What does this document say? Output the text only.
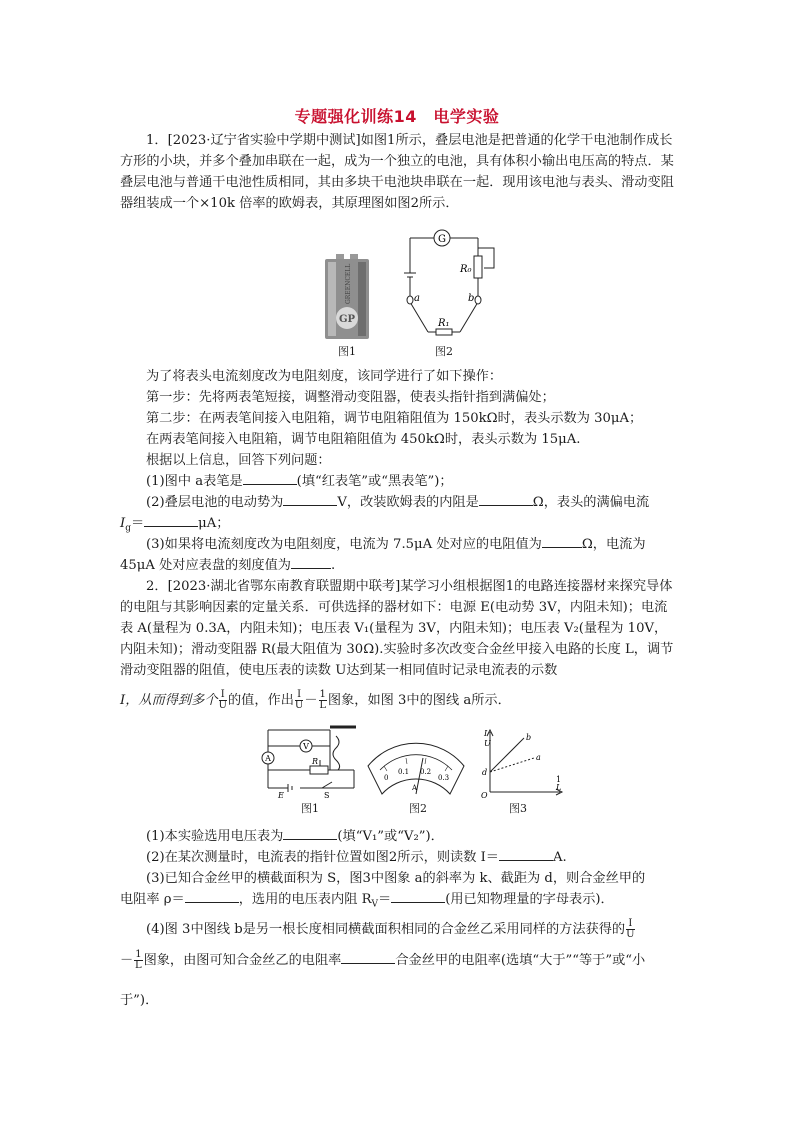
专题强化训练14　电学实验

1．[2023·辽宁省实验中学期中测试]如图1所示，叠层电池是把普通的化学干电池制作成长方形的小块，并多个叠加串联在一起，成为一个独立的电池，具有体积小输出电压高的特点．某叠层电池与普通干电池性质相同，其由多块干电池块串联在一起．现用该电池与表头、滑动变阻器组装成一个×10k 倍率的欧姆表，其原理图如图2所示．

GP
GREENCELL
图1
G
R₀
a	b
R₁
图2

为了将表头电流刻度改为电阻刻度，该同学进行了如下操作：

第一步：先将两表笔短接，调整滑动变阻器，使表头指针指到满偏处；

第二步：在两表笔间接入电阻箱，调节电阻箱阻值为 150kΩ时，表头示数为 30μA；

在两表笔间接入电阻箱，调节电阻箱阻值为 450kΩ时，表头示数为 15μA.

根据以上信息，回答下列问题：

(1)图中 a表笔是	(填“红表笔”或“黑表笔”)；

(2)叠层电池的电动势为	V，改装欧姆表的内阻是	Ω，表头的满偏电流

$I_g=$	μA；

(3)如果将电流刻度改为电阻刻度，电流为 7.5μA 处对应的电阻值为	Ω，电流为

45μA 处对应表盘的刻度值为	.

2．[2023·湖北省鄂东南教育联盟期中联考]某学习小组根据图1的电路连接器材来探究导体的电阻与其影响因素的定量关系．可供选择的器材如下：电源 E(电动势 3V，内阻未知)；电流表 A(量程为 0.3A，内阻未知)；电压表 V₁(量程为 3V，内阻未知)；电压表 V₂(量程为 10V，内阻未知)；滑动变阻器 R(最大阻值为 30Ω).实验时多次改变合金丝甲接入电路的长度 L，调节滑动变阻器的阻值，使电压表的读数 U达到某一相同值时记录电流表的示数

I，从而得到多个 $\frac{I}{U}$ 的值，作出 $\frac{I}{U} - \frac{1}{L}$ 图象，如图 3中的图线 a所示．

A
V
R
E	S
图1
0
0.1 0.2
0.3
A
图2
I
U
1
L
b
a
d
O
图3

(1)本实验选用电压表为	(填“V₁”或“V₂”)．

(2)在某次测量时，电流表的指针位置如图2所示，则读数 I＝	A.

(3)已知合金丝甲的横截面积为 S，图3中图象 a的斜率为 k、截距为 d，则合金丝甲的

电阻率 ρ＝	，选用的电压表内阻 $R_V=$	(用已知物理量的字母表示)．

(4)图 3中图线 b是另一根长度相同横截面积相同的合金丝乙采用同样的方法获得的 $\frac{I}{U}$

－ $\frac{1}{L}$ 图象，由图可知合金丝乙的电阻率	合金丝甲的电阻率(选填“大于”“等于”或“小

于”)．
